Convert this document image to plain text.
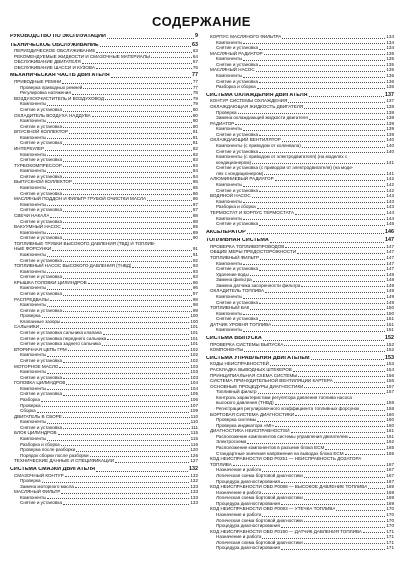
СОДЕРЖАНИЕ
РУКОВОДСТВО ПО ЭКСПЛУАТАЦИИ	9
ТЕХНИЧЕСКОЕ ОБСЛУЖИВАНИЕ	63
ПЕРИОДИЧЕСКОЕ ОБСЛУЖИВАНИЕ	63
РЕКОМЕНДУЕМЫЕ ЖИДКОСТИ И СМАЗОЧНЫЕ МАТЕРИАЛЫ	64
ОБСЛУЖИВАНИЕ ДВИГАТЕЛЯ	67
ОБСЛУЖИВАНИЕ ШАССИ И КУЗОВА	76
МЕХАНИЧЕСКАЯ ЧАСТЬ ДВИГАТЕЛЯ	77
ПРИВОДНЫЕ РЕМНИ	77
Проверка приводных ремней	77
Регулировка натяжения	78
ВОЗДУХООЧИСТИТЕЛЬ И ВОЗДУХОВОД	79
Компоненты	79
Снятие и установка	80
ОХЛАДИТЕЛЬ ВОЗДУХА НАДДУВА	80
Компоненты	80
Снятие и установка	80
ВПУСКНОЙ КОЛЛЕКТОР	81
Компоненты	81
Снятие и установка	81
ИНТЕРКУЛЕР	82
Компоненты	82
Снятие и установка	83
ТУРБОКОМПРЕССОР	84
Компоненты	84
Снятие и установка	84
ВЫПУСКНОЙ КОЛЛЕКТОР	85
Компоненты	85
Снятие и установка	86
МАСЛЯНЫЙ ПОДДОН И ФИЛЬТР ГРУБОЙ ОЧИСТКИ МАСЛА	86
Компоненты	87
Снятие и установка	87
СВЕЧИ НАКАЛА	88
Снятие и установка	88
ВАКУУМНЫЙ НАСОС	89
Компоненты	89
Снятие и установка	90
ТОПЛИВНЫЕ ТРУБКИ ВЫСОКОГО ДАВЛЕНИЯ (ТВД) И ТОПЛИВ-
НЫЕ ФОРСУНКИ	91
Компоненты	91
Снятие и установка	92
ТОПЛИВНЫЙ НАСОС ВЫСОКОГО ДАВЛЕНИЯ (ТНВД)	93
Компоненты	93
Снятие и установка	93
КРЫШКА ГОЛОВКИ ЦИЛИНДРОВ	96
Компоненты	96
Снятие и установка	97
РАСПРЕДВАЛЫ	98
Компоненты	98
Снятие и установка	99
Проверка	100
Клапанные зазоры	100
САЛЬНИКИ	101
Снятие и установка сальника клапана	101
Снятие и установка переднего сальника	101
Снятие и установка заднего сальника	101
ВТОРИЧНАЯ ЦЕПЬ ГРМ	102
Компоненты	102
Снятие и установка	102
МОТОРНОЕ МАСЛО	103
Компоненты	103
Снятие и установка	103
ГОЛОВКА ЦИЛИНДРОВ	104
Компоненты	104
Снятие и установка	105
Разборка	106
Проверка	107
Сборка	109
ДВИГАТЕЛЬ В СБОРЕ	110
Компоненты	110
Снятие и установка	111
БЛОК ЦИЛИНДРОВ	115
Компоненты	115
Разборка и сборка	116
Проверка после разборки	120
Порядок сборки после разборки	126
ТЕХНИЧЕСКИЕ ДАННЫЕ И СПЕЦИФИКАЦИИ	127
СИСТЕМА СМАЗКИ ДВИГАТЕЛЯ	132
СМАЗОЧНЫЙ КОНТУР	132
Проверка	132
Замена моторного масла	133
МАСЛЯНЫЙ ФИЛЬТР	133
Компоненты	133
Снятие и установка	133
КОРПУС МАСЛЯНОГО ФИЛЬТРА	134
Компоненты	134
Снятие и установка	134
МАСЛЯНЫЙ РАДИАТОР	135
Компоненты	135
Снятие и установка	135
МАСЛЯНЫЙ НАСОС	135
Компоненты	135
Снятие и установка	136
Разборка и сборка	136
СИСТЕМА ОХЛАЖДЕНИЯ ДВИГАТЕЛЯ	137
КОНТУР СИСТЕМЫ ОХЛАЖДЕНИЯ	137
ОХЛАЖДАЮЩАЯ ЖИДКОСТЬ ДВИГАТЕЛЯ	138
Проверка	138
Замена охлаждающей жидкости двигателя	138
РАДИАТОР	139
Компоненты	139
Снятие и установка	139
ОХЛАЖДАЮЩИЙ ВЕНТИЛЯТОР	140
Компоненты (с приводом от коленвала)	140
Снятие и установка	140
Компоненты (с приводом от электродвигателя) (на моделях с
кондиционером)	141
Снятие и установка (с приводом от электродвигателя) (на моде-
лях с кондиционером)	141
АЛЮМИНИЕВЫЙ РАДИАТОР	142
Компоненты	142
Снятие и установка	142
ВОДЯНОЙ НАСОС	143
Компоненты	143
Разборка и сборка	143
ТЕРМОСТАТ И КОРПУС ТЕРМОСТАТА	144
Компоненты	144
Снятие и установка	145
АКСЕЛЕРАТОР	146
ТОПЛИВНАЯ СИСТЕМА	147
ПРОВЕРКА ТОПЛИВОПРОВОДОВ	147
ОБЩИЕ МЕРЫ ПРЕДОСТОРОЖНОСТИ	147
ТОПЛИВНЫЙ ФИЛЬТР	147
Компоненты	147
Снятие и установка	147
Удаление воды	148
Замена фильтра	148
Замена датчика засоренности фильтра	149
ОХЛАДИТЕЛЬ ТОПЛИВА	149
Компоненты	149
Снятие и установка	149
ТОПЛИВНЫЙ БАК	150
Компоненты	150
Снятие и установка	151
ДАТЧИК УРОВНЯ ТОПЛИВА	151
Компоненты	151
СИСТЕМА ВЫПУСКА	152
ПРОВЕРКА СИСТЕМЫ ВЫПУСКА	152
КОМПОНЕНТЫ	152
СИСТЕМА УПРАВЛЕНИЯ ДВИГАТЕЛЕМ	153
КОДЫ НЕИСПРАВНОСТЕЙ	153
РАСКЛАДКА ВЫВОДНЫХ ШТЕКЕРОВ	154
ПРИНЦИПИАЛЬНАЯ СХЕМА СИСТЕМЫ	156
СИСТЕМА ПРИНУДИТЕЛЬНОЙ ВЕНТИЛЯЦИИ КАРТЕРА	156
ОСНОВНЫЕ ПРОЦЕДУРЫ ДИАГНОСТИКИ	157
Топливный фильтр	157
Контроль характеристики регулятора давления топлива насоса
высокого давления (ТНВД)	158
Регистрация регулировочного коэффициента топливных форсунок	158
БОРТОВАЯ СИСТЕМА ДИАГНОСТИКИ	160
Проверка системы	160
Проверка индикатора «MI»	160
ДИАГНОСТИКА НЕИСПРАВНОСТЕЙ	161
Расположение компонентов системы управления двигателем	161
Электросхема	162
Расположение компонентов в разъеме блока ECM	165
Стандартные значения напряжения на выводах блока ECM	165
КОД НЕИСПРАВНОСТИ OBD P0251 — НЕИСПРАВНОСТЬ ДОЗАТОРА
ТОПЛИВА	167
Назначение и работа	167
Логическая схема бортовой диагностики	167
Процедура диагностирования	167
КОД НЕИСПРАВНОСТИ OBD P0088 — ВЫСОКОЕ ДАВЛЕНИЕ ТОПЛИВА	169
Назначение и работа	169
Логическая схема бортовой диагностики	169
Процедура диагностирования	169
КОД НЕИСПРАВНОСТИ OBD P0093 — УТЕЧКА ТОПЛИВА	170
Назначение и работа	170
Логическая схема бортовой диагностики	170
Процедура диагностирования	170
КОД НЕИСПРАВНОСТИ OBD P0190 — ДАТЧИК ДАВЛЕНИЯ ТОПЛИВА	171
Назначение и работа	171
Логическая схема бортовой диагностики	171
Процедура диагностирования	171
